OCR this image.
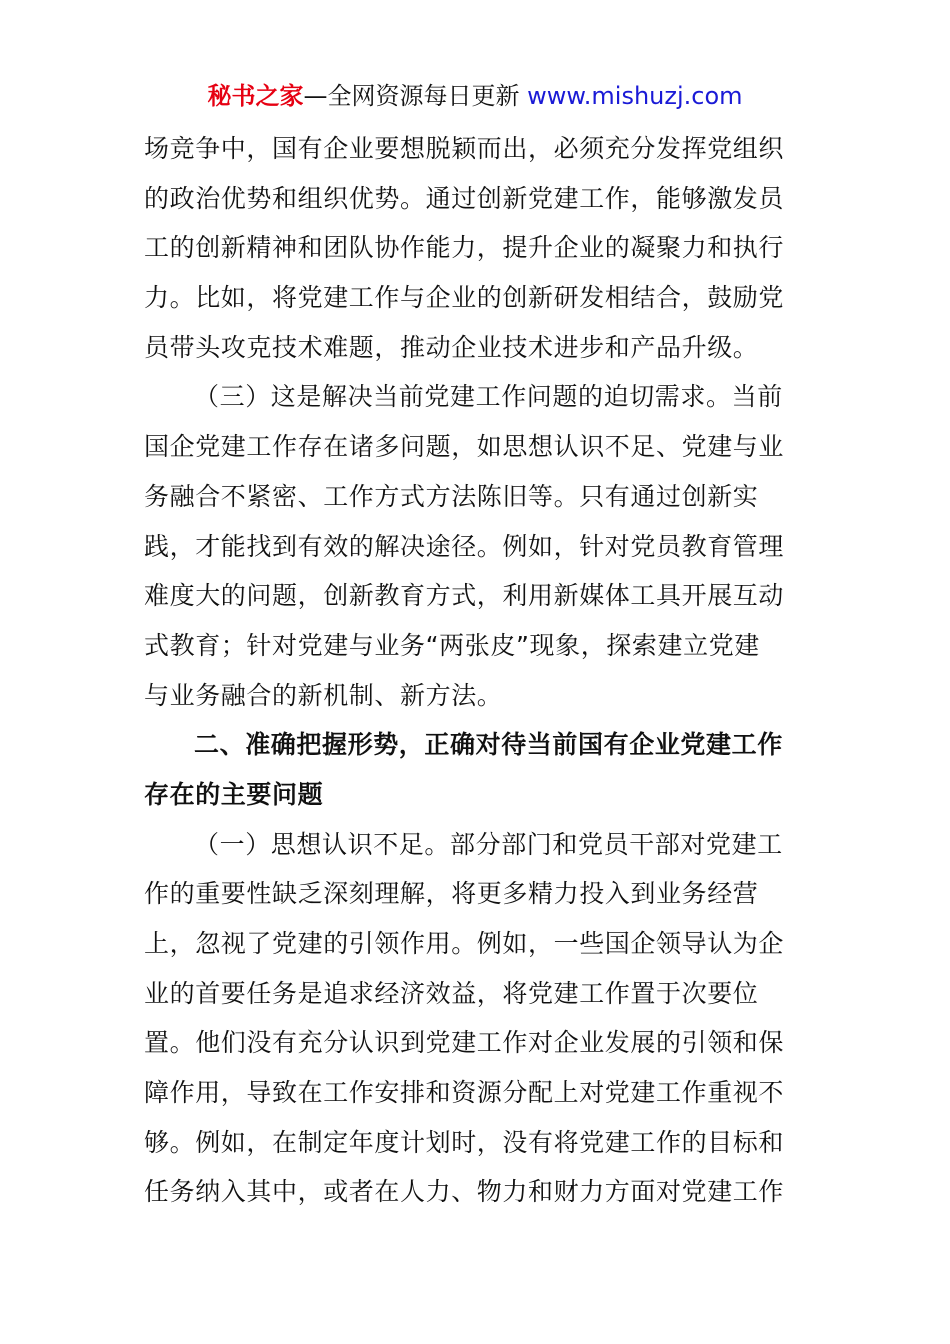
秘书之家—全网资源每日更新 www.mishuzj.com
场竞争中，国有企业要想脱颖而出，必须充分发挥党组织
的政治优势和组织优势。通过创新党建工作，能够激发员
工的创新精神和团队协作能力，提升企业的凝聚力和执行
力。比如，将党建工作与企业的创新研发相结合，鼓励党
员带头攻克技术难题，推动企业技术进步和产品升级。
（三）这是解决当前党建工作问题的迫切需求。当前
国企党建工作存在诸多问题，如思想认识不足、党建与业
务融合不紧密、工作方式方法陈旧等。只有通过创新实
践，才能找到有效的解决途径。例如，针对党员教育管理
难度大的问题，创新教育方式，利用新媒体工具开展互动
式教育；针对党建与业务“两张皮”现象，探索建立党建
与业务融合的新机制、新方法。
二、准确把握形势，正确对待当前国有企业党建工作
存在的主要问题
（一）思想认识不足。部分部门和党员干部对党建工
作的重要性缺乏深刻理解，将更多精力投入到业务经营
上，忽视了党建的引领作用。例如，一些国企领导认为企
业的首要任务是追求经济效益，将党建工作置于次要位
置。他们没有充分认识到党建工作对企业发展的引领和保
障作用，导致在工作安排和资源分配上对党建工作重视不
够。例如，在制定年度计划时，没有将党建工作的目标和
任务纳入其中，或者在人力、物力和财力方面对党建工作
